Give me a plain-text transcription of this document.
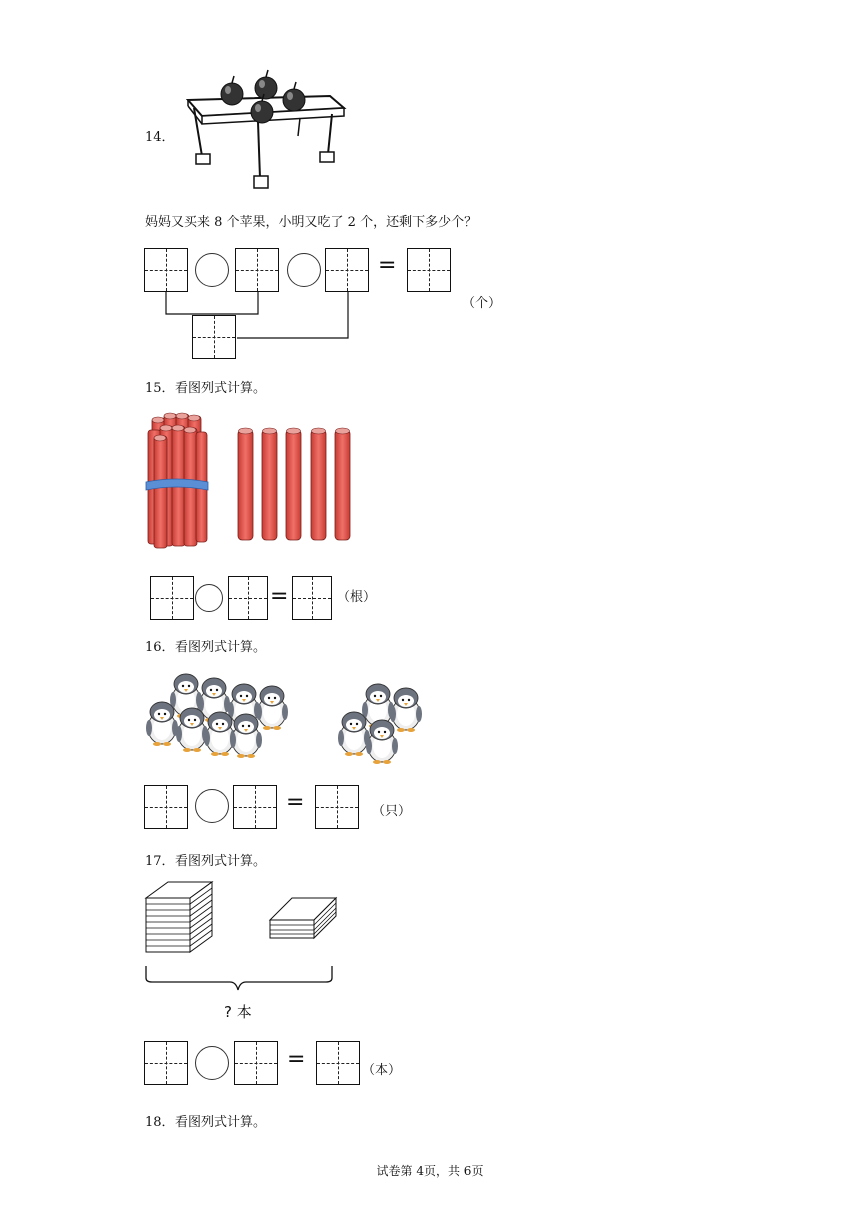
14．
妈妈又买来 8 个苹果，小明又吃了 2 个，还剩下多少个？
=
（个）
15． 看图列式计算。
=	（根）
16． 看图列式计算。
=	（只）
17． 看图列式计算。
? 本
=	（本）
18． 看图列式计算。
试卷第 4页，共 6页
